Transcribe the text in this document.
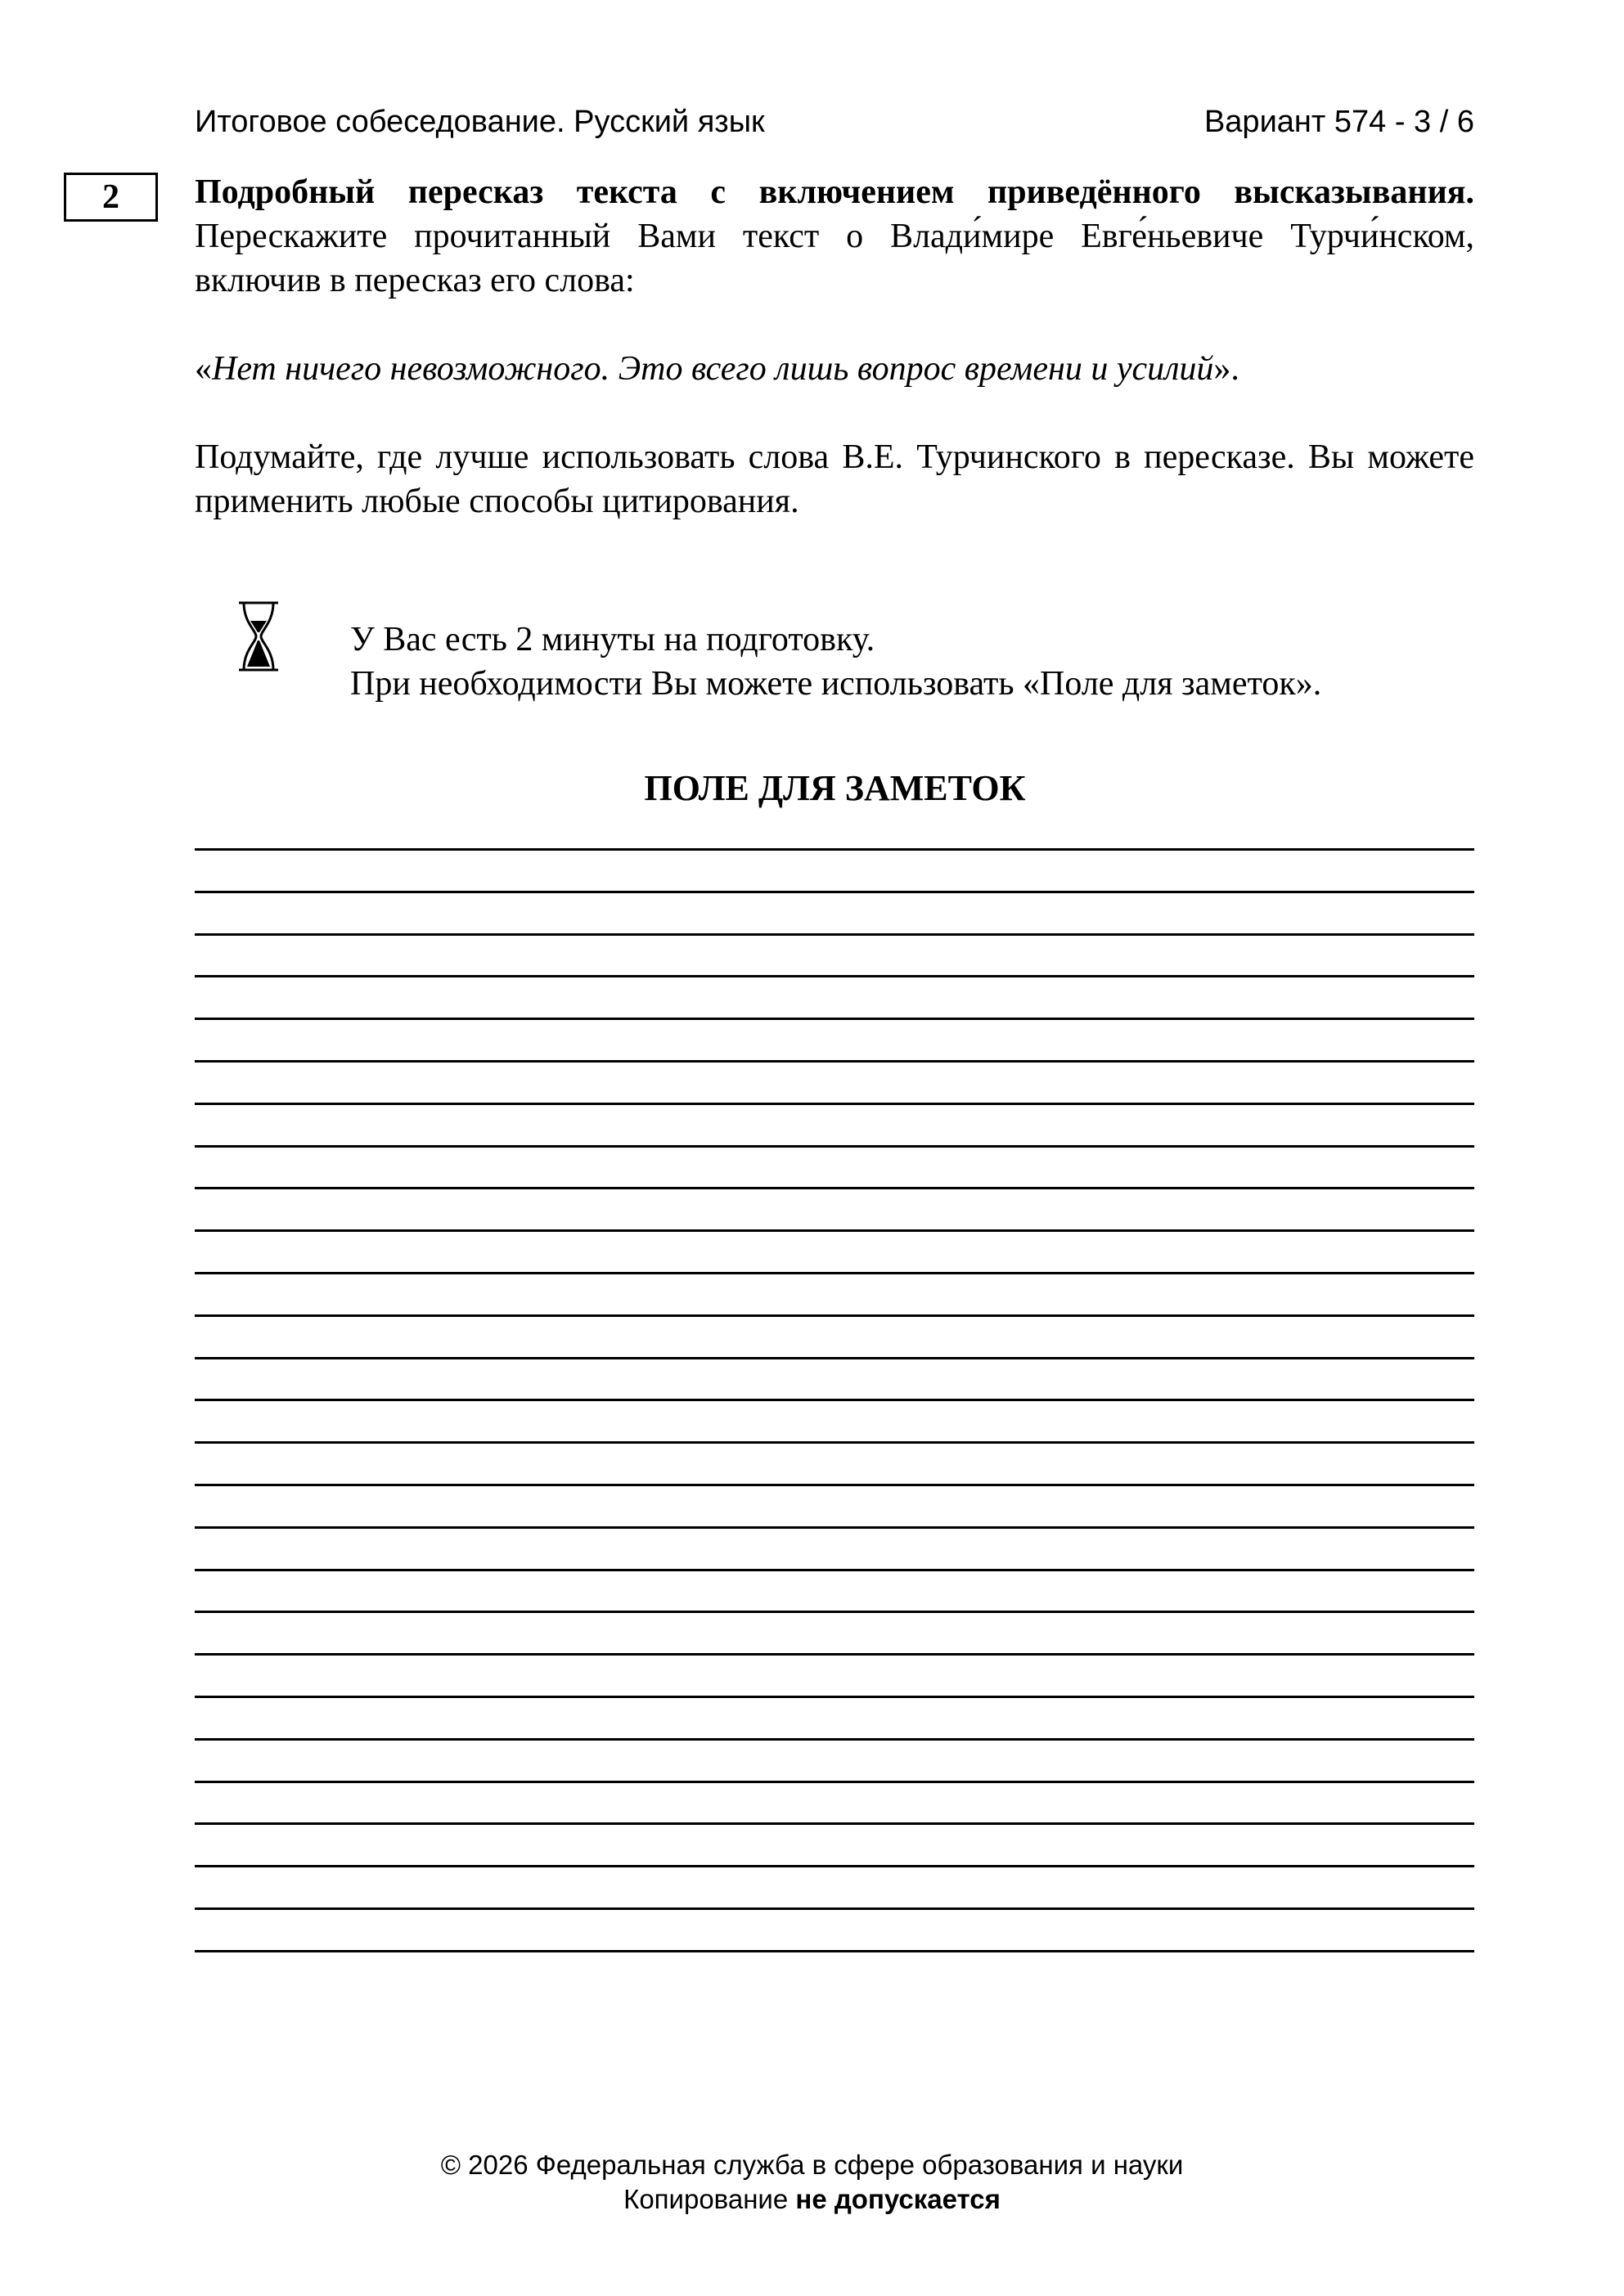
Итоговое собеседование. Русский язык	Вариант 574 - 3 / 6
2	Подробный пересказ текста с включением приведённого высказывания. Перескажите прочитанный Вами текст о Влади́мире Евге́ньевиче Турчи́нском, включив в пересказ его слова:

«Нет ничего невозможного. Это всего лишь вопрос времени и усилий».

Подумайте, где лучше использовать слова В.Е. Турчинского в пересказе. Вы можете применить любые способы цитирования.

У Вас есть 2 минуты на подготовку.
При необходимости Вы можете использовать «Поле для заметок».
ПОЛЕ ДЛЯ ЗАМЕТОК
© 2026 Федеральная служба в сфере образования и науки
Копирование не допускается
